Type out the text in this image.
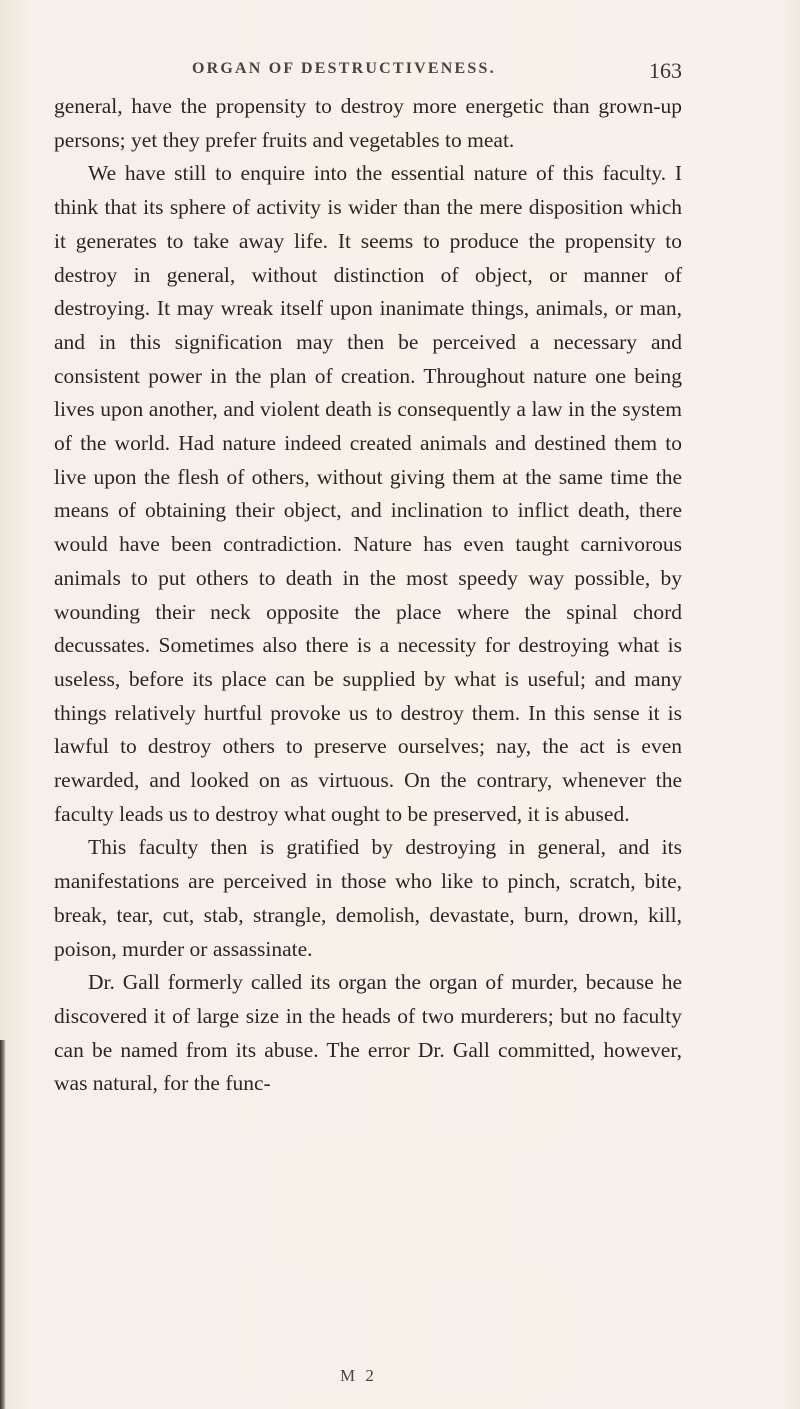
ORGAN OF DESTRUCTIVENESS.	163

general, have the propensity to destroy more energetic than grown-up persons; yet they prefer fruits and vegetables to meat.

We have still to enquire into the essential nature of this faculty. I think that its sphere of activity is wider than the mere disposition which it generates to take away life. It seems to produce the propensity to destroy in general, without distinction of object, or manner of destroying. It may wreak itself upon inanimate things, animals, or man, and in this signification may then be perceived a necessary and consistent power in the plan of creation. Throughout nature one being lives upon another, and violent death is consequently a law in the system of the world. Had nature indeed created animals and destined them to live upon the flesh of others, without giving them at the same time the means of obtaining their object, and inclination to inflict death, there would have been contradiction. Nature has even taught carnivorous animals to put others to death in the most speedy way possible, by wounding their neck opposite the place where the spinal chord decussates. Sometimes also there is a necessity for destroying what is useless, before its place can be supplied by what is useful; and many things relatively hurtful provoke us to destroy them. In this sense it is lawful to destroy others to preserve ourselves; nay, the act is even rewarded, and looked on as virtuous. On the contrary, whenever the faculty leads us to destroy what ought to be preserved, it is abused.

This faculty then is gratified by destroying in general, and its manifestations are perceived in those who like to pinch, scratch, bite, break, tear, cut, stab, strangle, demolish, devastate, burn, drown, kill, poison, murder or assassinate.

Dr. Gall formerly called its organ the organ of murder, because he discovered it of large size in the heads of two murderers; but no faculty can be named from its abuse. The error Dr. Gall committed, however, was natural, for the func-

M 2
